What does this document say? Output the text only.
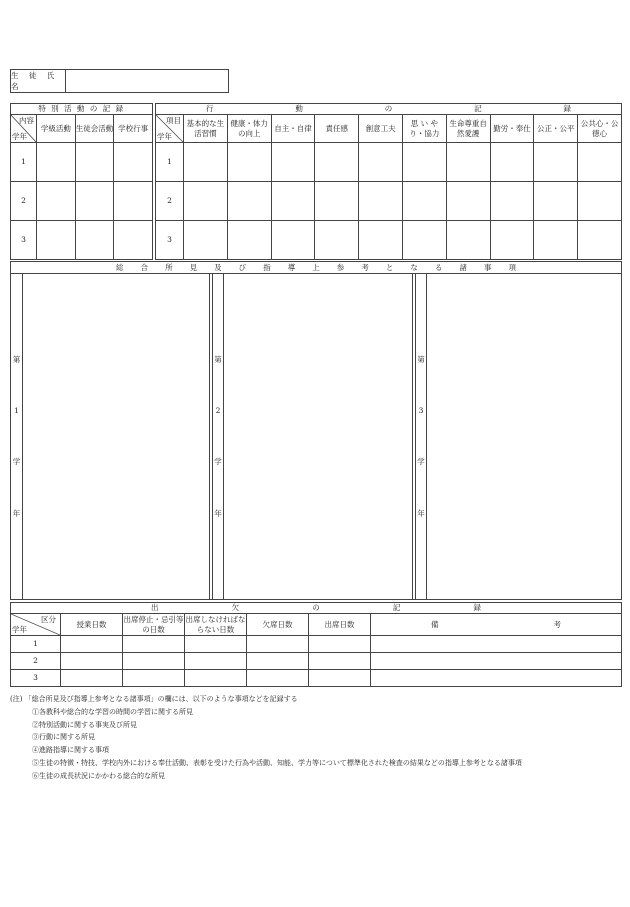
生 徒 氏 名
特 別 活 動 の 記 録			

内容
学年	学級活動	生徒会活動	学校行事
1			
2			
3			
行 動 の 記 録										

項目
学年	基本的な生活習慣	健康・体力の向上	自主・自律	責任感	創意工夫	思 い や り・協力	生命尊重自然愛護	勤労・奉仕	公正・公平	公共心・公徳心
1										
2										
3										
総 合 所 見 及 び 指 導 上 参 考 と な る 諸 事 項
第
1
学
年
第
2
学
年
第
3
学
年
出 欠 の 記 録						

区分
学年	授業日数	出席停止・忌引等の日数	出席しなければならない日数	欠席日数	出席日数	備 考

1						
2						
3						
(注) 「総合所見及び指導上参考となる諸事項」の欄には、以下のような事項などを記録する
①各教科や総合的な学習の時間の学習に関する所見
②特別活動に関する事実及び所見
③行動に関する所見
④進路指導に関する事項
⑤生徒の特徴・特技、学校内外における奉仕活動、表彰を受けた行為や活動、知能、学力等について標準化された検査の結果などの指導上参考となる諸事項
⑥生徒の成長状況にかかわる総合的な所見
